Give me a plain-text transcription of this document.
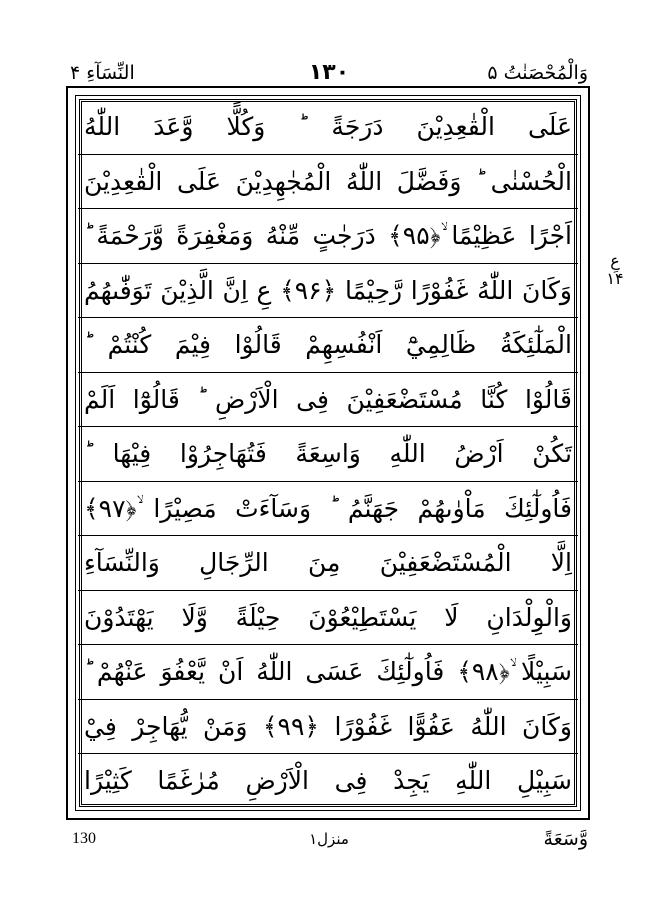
النِّسَآءِ ۴	۱۳۰	وَالْمُحْصَنٰتُ ۵
عَلَى الْقٰعِدِيْنَ دَرَجَةً ؕ وَكُلًّا وَّعَدَ اللّٰهُ
الْحُسْنٰى ؕ وَفَضَّلَ اللّٰهُ الْمُجٰهِدِيْنَ عَلَى الْقٰعِدِيْنَ
اَجْرًا عَظِيْمًا ۙ﴿۹۵﴾ دَرَجٰتٍ مِّنْهُ وَمَغْفِرَةً وَّرَحْمَةً ؕ
وَكَانَ اللّٰهُ غَفُوْرًا رَّحِيْمًا ﴿۹۶﴾ عِ اِنَّ الَّذِيْنَ تَوَفّٰىهُمُ
الْمَلٰٓئِكَةُ ظَالِمِيْٓ اَنْفُسِهِمْ قَالُوْا فِيْمَ كُنْتُمْ ؕ
قَالُوْا كُنَّا مُسْتَضْعَفِيْنَ فِى الْاَرْضِ ؕ قَالُوْٓا اَلَمْ
تَكُنْ اَرْضُ اللّٰهِ وَاسِعَةً فَتُهَاجِرُوْا فِيْهَا ؕ
فَاُولٰٓئِكَ مَاْوٰىهُمْ جَهَنَّمُ ؕ وَسَآءَتْ مَصِيْرًا ۙ﴿۹۷﴾
اِلَّا الْمُسْتَضْعَفِيْنَ مِنَ الرِّجَالِ وَالنِّسَآءِ
وَالْوِلْدَانِ لَا يَسْتَطِيْعُوْنَ حِيْلَةً وَّلَا يَهْتَدُوْنَ
سَبِيْلًا ۙ﴿۹۸﴾ فَاُولٰٓئِكَ عَسَى اللّٰهُ اَنْ يَّعْفُوَ عَنْهُمْ ؕ
وَكَانَ اللّٰهُ عَفُوًّا غَفُوْرًا ﴿۹۹﴾ وَمَنْ يُّهَاجِرْ فِيْ
سَبِيْلِ اللّٰهِ يَجِدْ فِى الْاَرْضِ مُرٰغَمًا كَثِيْرًا
عِ ۱۴
130	منزل۱	وَّسَعَةً
